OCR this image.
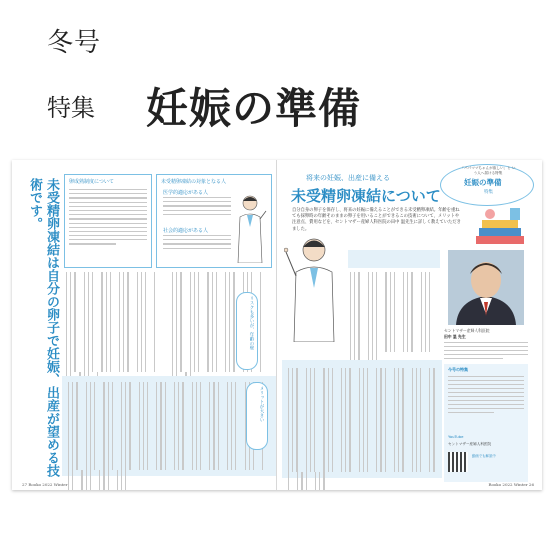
冬号
特集 妊娠の準備
未受精卵凍結は自分の卵子で妊娠、出産が望める技術です。	卵成熟制度について	未受精卵凍結の対象となる人
医学的適応がある人
社会的適応がある人

リスクも多いが、年齢の壁
メリットが大きい
27 Rooko 2022 Winter
将来の妊娠、出産に備える
未受精卵凍結について
自分自身の卵子を保存し、将来の妊娠に備えることができる未受精卵凍結。年齢を重ねても採卵時の年齢そのままの卵子を用いることができるこの技術について、メリットや注意点、費用などを、セントマザー産婦人科医院の田中 温先生に詳しく教えていただきました。
「パパママちゃんが欲しい」と いう人へ届ける特集
妊娠の準備
特集

セントマザー産婦人科医院
田中 温 先生
今号の特集
YouTube
セントマザー産婦人科医院
動画でも解説中
Rooko 2022 Winter 26
